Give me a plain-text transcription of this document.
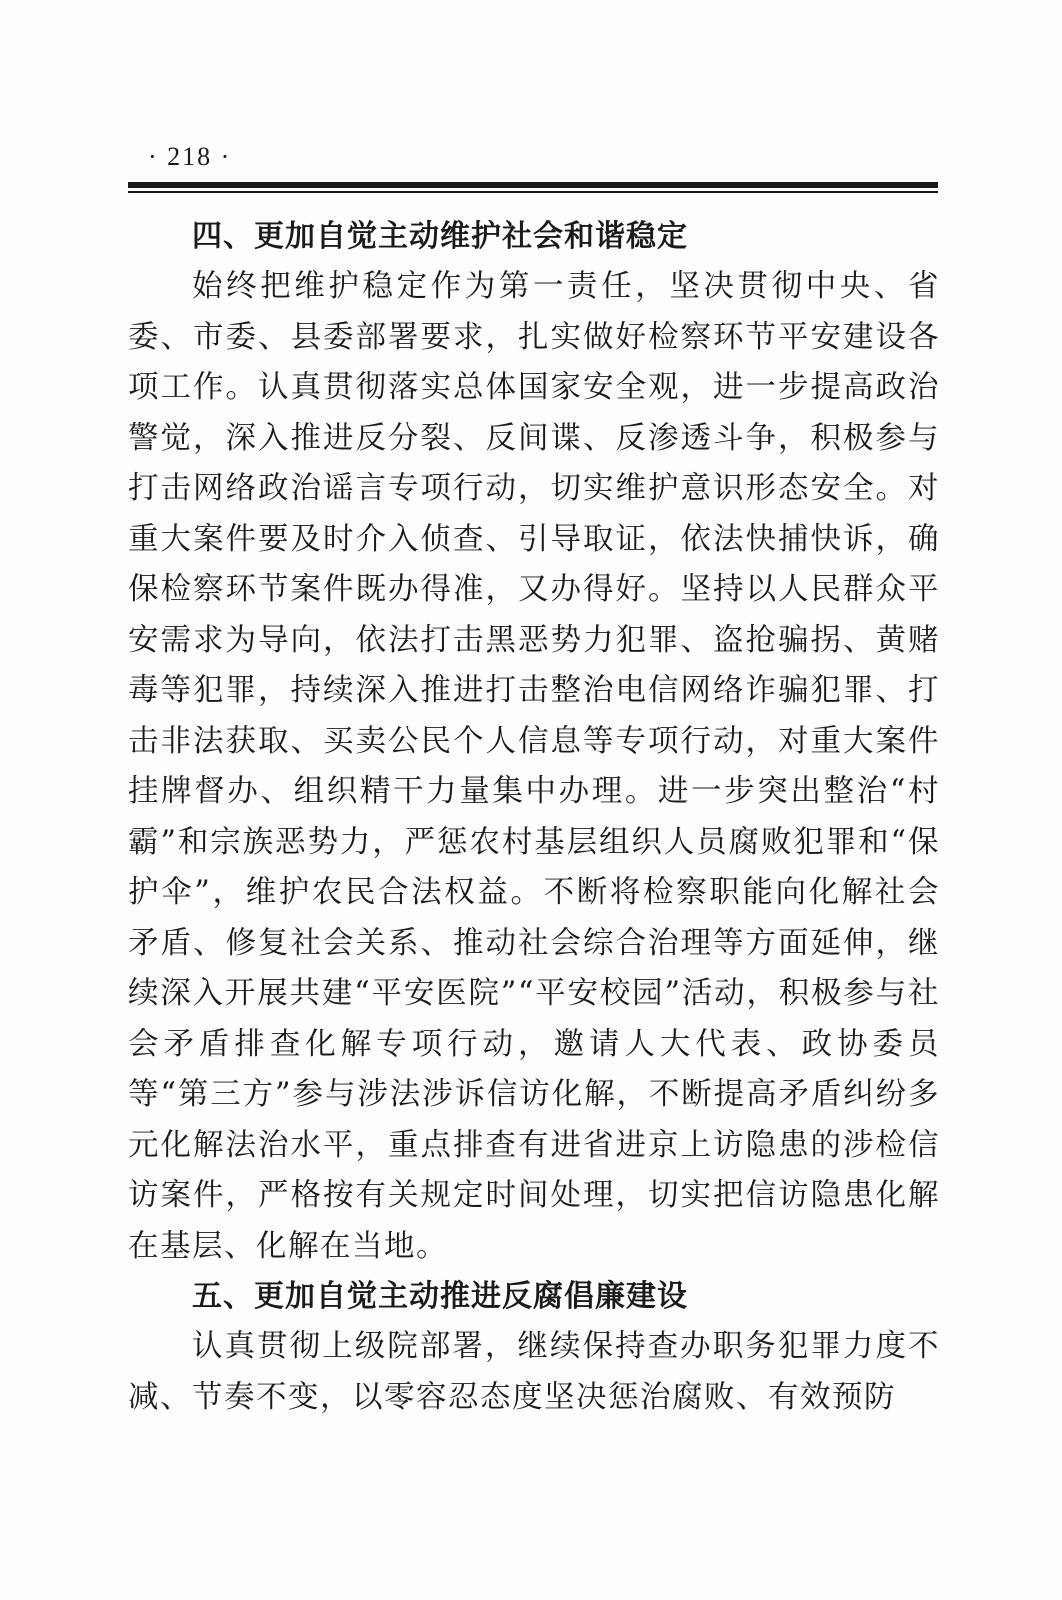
· 218 ·
四、更加自觉主动维护社会和谐稳定

始终把维护稳定作为第一责任，坚决贯彻中央、省委、市委、县委部署要求，扎实做好检察环节平安建设各项工作。认真贯彻落实总体国家安全观，进一步提高政治警觉，深入推进反分裂、反间谍、反渗透斗争，积极参与打击网络政治谣言专项行动，切实维护意识形态安全。对重大案件要及时介入侦查、引导取证，依法快捕快诉，确保检察环节案件既办得准，又办得好。坚持以人民群众平安需求为导向，依法打击黑恶势力犯罪、盗抢骗拐、黄赌毒等犯罪，持续深入推进打击整治电信网络诈骗犯罪、打击非法获取、买卖公民个人信息等专项行动，对重大案件挂牌督办、组织精干力量集中办理。进一步突出整治“村霸”和宗族恶势力，严惩农村基层组织人员腐败犯罪和“保护伞”，维护农民合法权益。不断将检察职能向化解社会矛盾、修复社会关系、推动社会综合治理等方面延伸，继续深入开展共建“平安医院”“平安校园”活动，积极参与社会矛盾排查化解专项行动，邀请人大代表、政协委员等“第三方”参与涉法涉诉信访化解，不断提高矛盾纠纷多元化解法治水平，重点排查有进省进京上访隐患的涉检信访案件，严格按有关规定时间处理，切实把信访隐患化解在基层、化解在当地。

五、更加自觉主动推进反腐倡廉建设

认真贯彻上级院部署，继续保持查办职务犯罪力度不减、节奏不变，以零容忍态度坚决惩治腐败、有效预防
